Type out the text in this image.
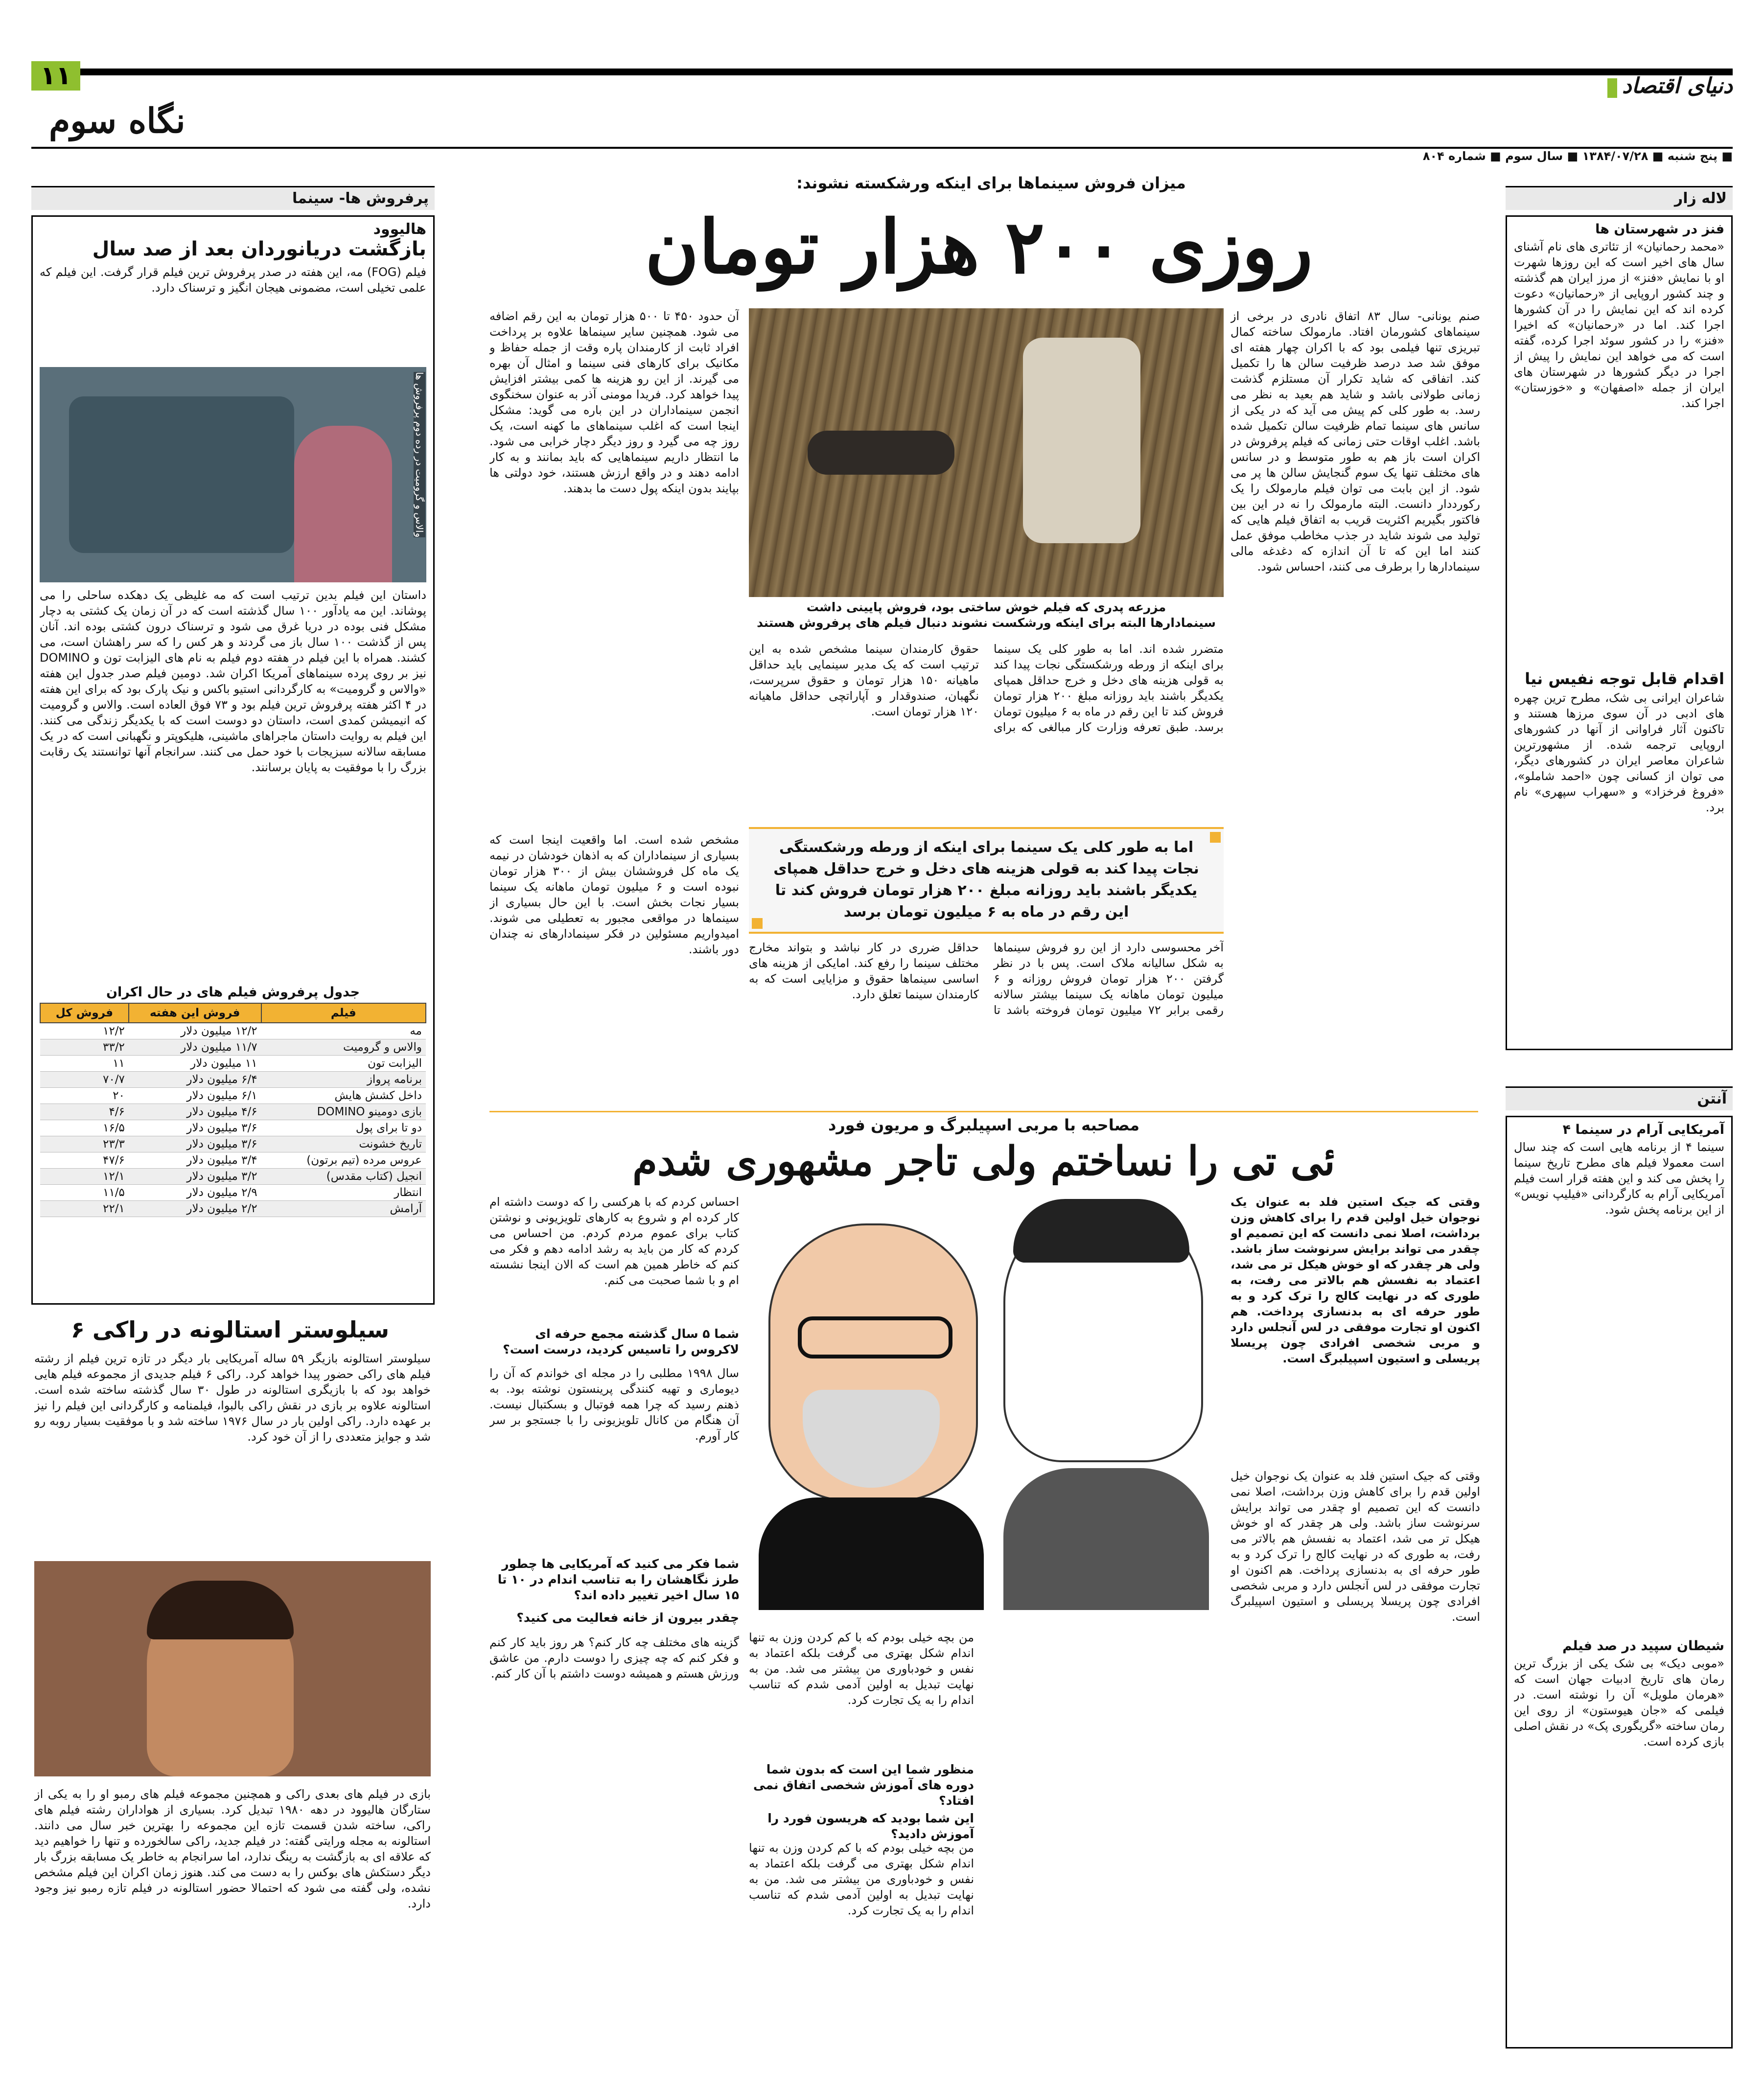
۱۱
نگاه سوم
دنیای اقتصاد
■ پنج شنبه ■ ۱۳۸۴/۰۷/۲۸ ■ سال سوم ■ شماره ۸۰۴
لاله زار
فنز در شهرستان ها
«محمد رحمانیان» از تئاتری های نام آشنای سال های اخیر است که این روزها شهرت او با نمایش «فنز» از مرز ایران هم گذشته و چند کشور اروپایی از «رحمانیان» دعوت کرده اند که این نمایش را در آن کشورها اجرا کند. اما در «رحمانیان» که اخیرا «فنز» را در کشور سوئد اجرا کرده، گفته است که می خواهد این نمایش را پیش از اجرا در دیگر کشورها در شهرستان های ایران از جمله «اصفهان» و «خوزستان» اجرا کند.
اقدام قابل توجه نفیس نیا
شاعران ایرانی بی شک، مطرح ترین چهره های ادبی در آن سوی مرزها هستند و تاکنون آثار فراوانی از آنها در کشورهای اروپایی ترجمه شده. از مشهورترین شاعران معاصر ایران در کشورهای دیگر، می توان از کسانی چون «احمد شاملو»، «فروغ فرخزاد» و «سهراب سپهری» نام برد.
آنتن
آمریکایی آرام در سینما ۴
سینما ۴ از برنامه هایی است که چند سال است معمولا فیلم های مطرح تاریخ سینما را پخش می کند و این هفته قرار است فیلم آمریکایی آرام به کارگردانی «فیلیپ نویس» از این برنامه پخش شود.
شیطان سپید در صد فیلم
«موبی دیک» بی شک یکی از بزرگ ترین رمان های تاریخ ادبیات جهان است که «هرمان ملویل» آن را نوشته است. در فیلمی که «جان هیوستون» از روی این رمان ساخته «گریگوری پک» در نقش اصلی بازی کرده است.
پرفروش ها- سینما
هالیوود
بازگشت دریانوردان بعد از صد سال
فیلم (FOG) مه، این هفته در صدر پرفروش ترین فیلم قرار گرفت. این فیلم که علمی تخیلی است، مضمونی هیجان انگیز و ترسناک دارد.
والاس و گرومیت در رده دوم پرفروش ها
داستان این فیلم بدین ترتیب است که مه غلیظی یک دهکده ساحلی را می پوشاند. این مه یادآور ۱۰۰ سال گذشته است که در آن زمان یک کشتی به دچار مشکل فنی بوده در دریا غرق می شود و ترسناک درون کشتی بوده اند. آنان پس از گذشت ۱۰۰ سال باز می گردند و هر کس را که سر راهشان است، می کشند. همراه با این فیلم در هفته دوم فیلم به نام های الیزابت تون و DOMINO نیز بر روی پرده سینماهای آمریکا اکران شد. دومین فیلم صدر جدول این هفته «والاس و گرومیت» به کارگردانی استیو باکس و نیک پارک بود که برای این هفته در ۴ اکثر هفته پرفروش ترین فیلم بود و ۷۳ فوق العاده است. والاس و گرومیت که انیمیشن کمدی است، داستان دو دوست است که با یکدیگر زندگی می کنند. این فیلم به روایت داستان ماجراهای ماشینی، هلیکوپتر و نگهبانی است که در یک مسابقه سالانه سبزیجات با خود حمل می کنند. سرانجام آنها توانستند یک رقابت بزرگ را با موفقیت به پایان برسانند.
جدول پرفروش فیلم های در حال اکران
فیلم	فروش این هفته	فروش کل
مه	۱۲/۲ میلیون دلار	۱۲/۲
والاس و گرومیت	۱۱/۷ میلیون دلار	۳۳/۲
الیزابت تون	۱۱ میلیون دلار	۱۱
برنامه پرواز	۶/۴ میلیون دلار	۷۰/۷
داخل کشش هایش	۶/۱ میلیون دلار	۲۰
بازی دومینو DOMINO	۴/۶ میلیون دلار	۴/۶
دو تا برای پول	۳/۶ میلیون دلار	۱۶/۵
تاریخ خشونت	۳/۶ میلیون دلار	۲۳/۳
عروس مرده (تیم برتون)	۳/۴ میلیون دلار	۴۷/۶
انجیل (کتاب مقدس)	۳/۲ میلیون دلار	۱۲/۱
انتظار	۲/۹ میلیون دلار	۱۱/۵
آرامش	۲/۲ میلیون دلار	۲۲/۱
سیلوستر استالونه در راکی ۶
سیلوستر استالونه بازیگر ۵۹ ساله آمریکایی بار دیگر در تازه ترین فیلم از رشته فیلم های راکی حضور پیدا خواهد کرد. راکی ۶ فیلم جدیدی از مجموعه فیلم هایی خواهد بود که با بازیگری استالونه در طول ۳۰ سال گذشته ساخته شده است. استالونه علاوه بر بازی در نقش راکی بالبوا، فیلمنامه و کارگردانی این فیلم را نیز بر عهده دارد. راکی اولین بار در سال ۱۹۷۶ ساخته شد و با موفقیت بسیار روبه رو شد و جوایز متعددی را از آن خود کرد.
بازی در فیلم های بعدی راکی و همچنین مجموعه فیلم های رمبو او را به یکی از ستارگان هالیوود در دهه ۱۹۸۰ تبدیل کرد. بسیاری از هواداران رشته فیلم های راکی، ساخته شدن قسمت تازه این مجموعه را بهترین خبر سال می دانند. استالونه به مجله ورایتی گفته: در فیلم جدید، راکی سالخورده و تنها را خواهیم دید که علاقه ای به بازگشت به رینگ ندارد، اما سرانجام به خاطر یک مسابقه بزرگ بار دیگر دستکش های بوکس را به دست می کند. هنوز زمان اکران این فیلم مشخص نشده، ولی گفته می شود که احتمالا حضور استالونه در فیلم تازه رمبو نیز وجود دارد.
میزان فروش سینماها برای اینکه ورشکسته نشوند:
روزی ۲۰۰ هزار تومان
صنم یونانی- سال ۸۳ اتفاق نادری در برخی از سینماهای کشورمان افتاد. مارمولک ساخته کمال تبریزی تنها فیلمی بود که با اکران چهار هفته ای موفق شد صد درصد ظرفیت سالن ها را تکمیل کند. اتفاقی که شاید تکرار آن مستلزم گذشت زمانی طولانی باشد و شاید هم بعید به نظر می رسد. به طور کلی کم پیش می آید که در یکی از سانس های سینما تمام ظرفیت سالن تکمیل شده باشد. اغلب اوقات حتی زمانی که فیلم پرفروش در اکران است باز هم به طور متوسط و در سانس های مختلف تنها یک سوم گنجایش سالن ها پر می شود. از این بابت می توان فیلم مارمولک را یک رکورددار دانست. البته مارمولک را نه در این بین فاکتور بگیریم اکثریت قریب به اتفاق فیلم هایی که تولید می شوند شاید در جذب مخاطب موفق عمل کنند اما این که تا آن اندازه که دغدغه مالی سینمادارها را برطرف می کنند، احساس شود.
مزرعه پدری که فیلم خوش ساختی بود، فروش پایینی داشت
سینمادارها البته برای اینکه ورشکست نشوند دنبال فیلم های پرفروش هستند
آن حدود ۴۵۰ تا ۵۰۰ هزار تومان به این رقم اضافه می شود. همچنین سایر سینماها علاوه بر پرداخت افراد ثابت از کارمندان پاره وقت از جمله حفاظ و مکانیک برای کارهای فنی سینما و امثال آن بهره می گیرند. از این رو هزینه ها کمی بیشتر افزایش پیدا خواهد کرد. فریدا مومنی آذر به عنوان سخنگوی انجمن سینماداران در این باره می گوید: مشکل اینجا است که اغلب سینماهای ما کهنه است، یک روز چه می گیرد و روز دیگر دچار خرابی می شود. ما انتظار داریم سینماهایی که باید بمانند و به کار ادامه دهند و در واقع ارزش هستند، خود دولتی ها بپایند بدون اینکه پول دست ما بدهند.
متضرر شده اند. اما به طور کلی یک سینما برای اینکه از ورطه ورشکستگی نجات پیدا کند به قولی هزینه های دخل و خرج حداقل همپای یکدیگر باشند باید روزانه مبلغ ۲۰۰ هزار تومان فروش کند تا این رقم در ماه به ۶ میلیون تومان برسد. طبق تعرفه وزارت کار مبالغی که برای حقوق کارمندان سینما مشخص شده به این ترتیب است که یک مدیر سینمایی باید حداقل ماهیانه ۱۵۰ هزار تومان و حقوق سرپرست، نگهبان، صندوقدار و آپاراتچی حداقل ماهیانه ۱۲۰ هزار تومان است.
اما به طور کلی یک سینما برای اینکه از ورطه ورشکستگی نجات پیدا کند به قولی هزینه های دخل و خرج حداقل همپای یکدیگر باشند باید روزانه مبلغ ۲۰۰ هزار تومان فروش کند تا این رقم در ماه به ۶ میلیون تومان برسد
مشخص شده است. اما واقعیت اینجا است که بسیاری از سینماداران که به اذهان خودشان در نیمه یک ماه کل فروششان بیش از ۳۰۰ هزار تومان نبوده است و ۶ میلیون تومان ماهانه یک سینما بسیار نجات بخش است. با این حال بسیاری از سینماها در مواقعی مجبور به تعطیلی می شوند. امیدواریم مسئولین در فکر سینمادارهای نه چندان دور باشند.	آخر محسوسی دارد از این رو فروش سینماها به شکل سالیانه ملاک است. پس با در نظر گرفتن ۲۰۰ هزار تومان فروش روزانه و ۶ میلیون تومان ماهانه یک سینما بیشتر سالانه رقمی برابر ۷۲ میلیون تومان فروخته باشد تا حداقل ضرری در کار نباشد و بتواند مخارج مختلف سینما را رفع کند. امایکی از هزینه های اساسی سینماها حقوق و مزایایی است که به کارمندان سینما تعلق دارد.
مصاحبه با مربی اسپیلبرگ و مریون فورد
ئی تی را نساختم ولی تاجر مشهوری شدم
وقتی که جیک استین فلد به عنوان یک نوجوان خیل اولین قدم را برای کاهش وزن برداشت، اصلا نمی دانست که این تصمیم او چقدر می تواند برایش سرنوشت ساز باشد. ولی هر چقدر که او خوش هیکل تر می شد، اعتماد به نفسش هم بالاتر می رفت، به طوری که در نهایت کالج را ترک کرد و به طور حرفه ای به بدنسازی پرداخت. هم اکنون او تجارت موفقی در لس آنجلس دارد و مربی شخصی افرادی چون پریسلا پریسلی و استیون اسپیلبرگ است.
احساس کردم که با هرکسی را که دوست داشته ام کار کرده ام و شروع به کارهای تلویزیونی و نوشتن کتاب برای عموم مردم کردم. من احساس می کردم که کار من باید به رشد ادامه دهم و فکر می کنم که خاطر همین هم است که الان اینجا نشسته ام و با شما صحبت می کنم.
شما ۵ سال گذشته مجمع حرفه ای لاکروس را تاسیس کردید، درست است؟
سال ۱۹۹۸ مطلبی را در مجله ای خواندم که آن را دیوماری و تهیه کنندگی پرینستون نوشته بود. به ذهنم رسید که چرا همه فوتبال و بسکتبال نیست. آن هنگام من کانال تلویزیونی را با جستجو بر سر کار آورم.
شما فکر می کنید که آمریکایی ها چطور طرز نگاهشان را به تناسب اندام در ۱۰ تا ۱۵ سال اخیر تغییر داده اند؟
چقدر بیرون از خانه فعالیت می کنید؟
گزینه های مختلف چه کار کنم؟ هر روز باید کار کنم و فکر کنم که چه چیزی را دوست دارم. من عاشق ورزش هستم و همیشه دوست داشتم با آن کار کنم.
من بچه خیلی بودم که با کم کردن وزن به تنها اندام شکل بهتری می گرفت بلکه اعتماد به نفس و خودباوری من بیشتر می شد. من به نهایت تبدیل به اولین آدمی شدم که تناسب اندام را به یک تجارت کرد.
منظور شما این است که بدون شما دوره های آموزش شخصی اتفاق نمی افتاد؟
این شما بودید که هریسون فورد را آموزش دادید؟
من بچه خیلی بودم که با کم کردن وزن به تنها اندام شکل بهتری می گرفت بلکه اعتماد به نفس و خودباوری من بیشتر می شد. من به نهایت تبدیل به اولین آدمی شدم که تناسب اندام را به یک تجارت کرد.
وقتی که جیک استین فلد به عنوان یک نوجوان خیل اولین قدم را برای کاهش وزن برداشت، اصلا نمی دانست که این تصمیم او چقدر می تواند برایش سرنوشت ساز باشد. ولی هر چقدر که او خوش هیکل تر می شد، اعتماد به نفسش هم بالاتر می رفت، به طوری که در نهایت کالج را ترک کرد و به طور حرفه ای به بدنسازی پرداخت. هم اکنون او تجارت موفقی در لس آنجلس دارد و مربی شخصی افرادی چون پریسلا پریسلی و استیون اسپیلبرگ است.
